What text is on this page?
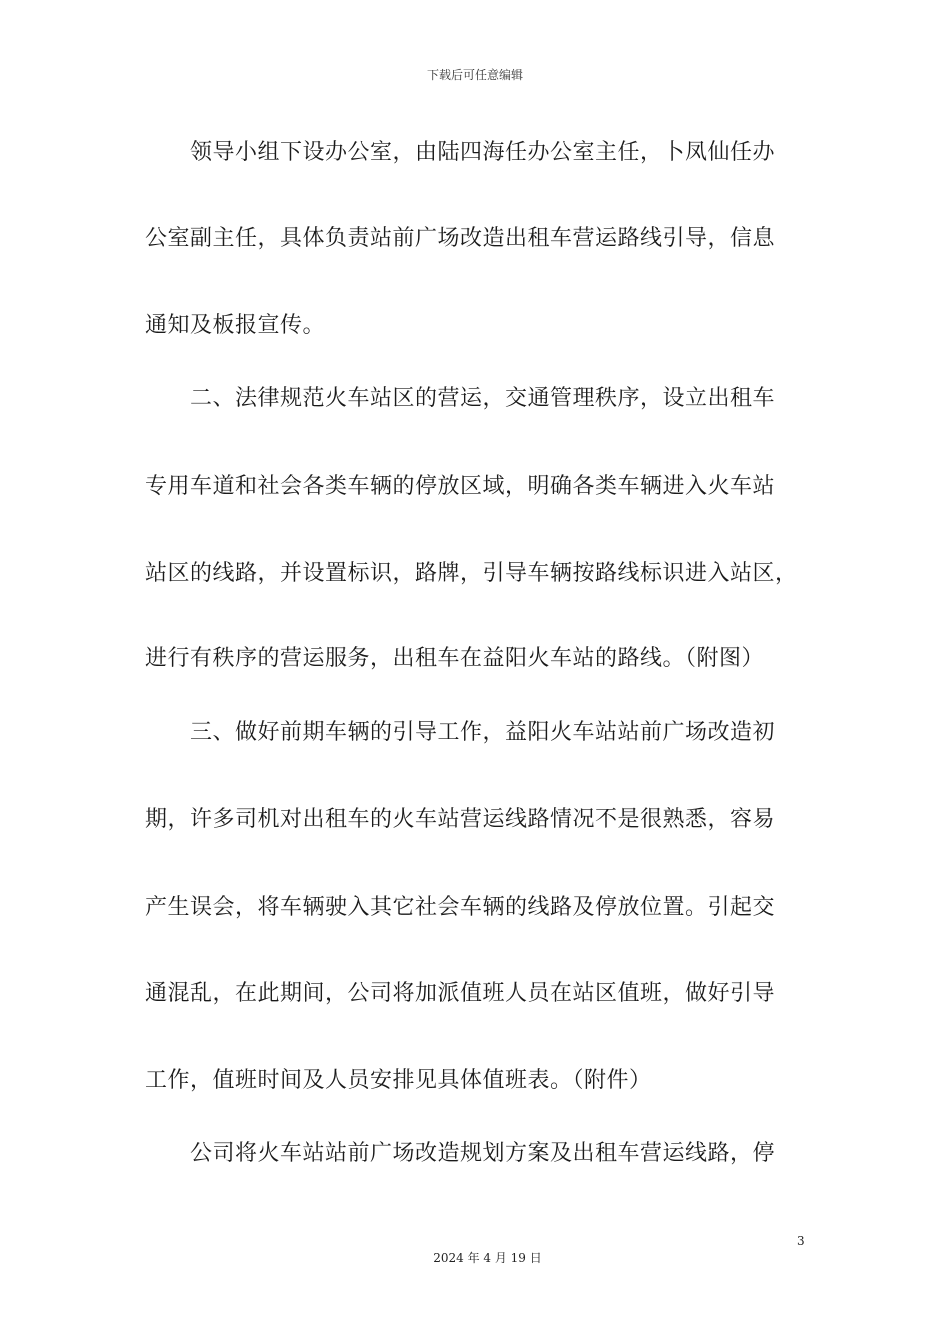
下载后可任意编辑
领导小组下设办公室，由陆四海任办公室主任，卜凤仙任办
公室副主任，具体负责站前广场改造出租车营运路线引导，信息
通知及板报宣传。
二、法律规范火车站区的营运，交通管理秩序，设立出租车
专用车道和社会各类车辆的停放区域，明确各类车辆进入火车站
站区的线路，并设置标识，路牌，引导车辆按路线标识进入站区，
进行有秩序的营运服务，出租车在益阳火车站的路线。（附图）
三、做好前期车辆的引导工作，益阳火车站站前广场改造初
期，许多司机对出租车的火车站营运线路情况不是很熟悉，容易
产生误会，将车辆驶入其它社会车辆的线路及停放位置。引起交
通混乱，在此期间，公司将加派值班人员在站区值班，做好引导
工作，值班时间及人员安排见具体值班表。（附件）
公司将火车站站前广场改造规划方案及出租车营运线路，停
3
2024 年 4 月 19 日
